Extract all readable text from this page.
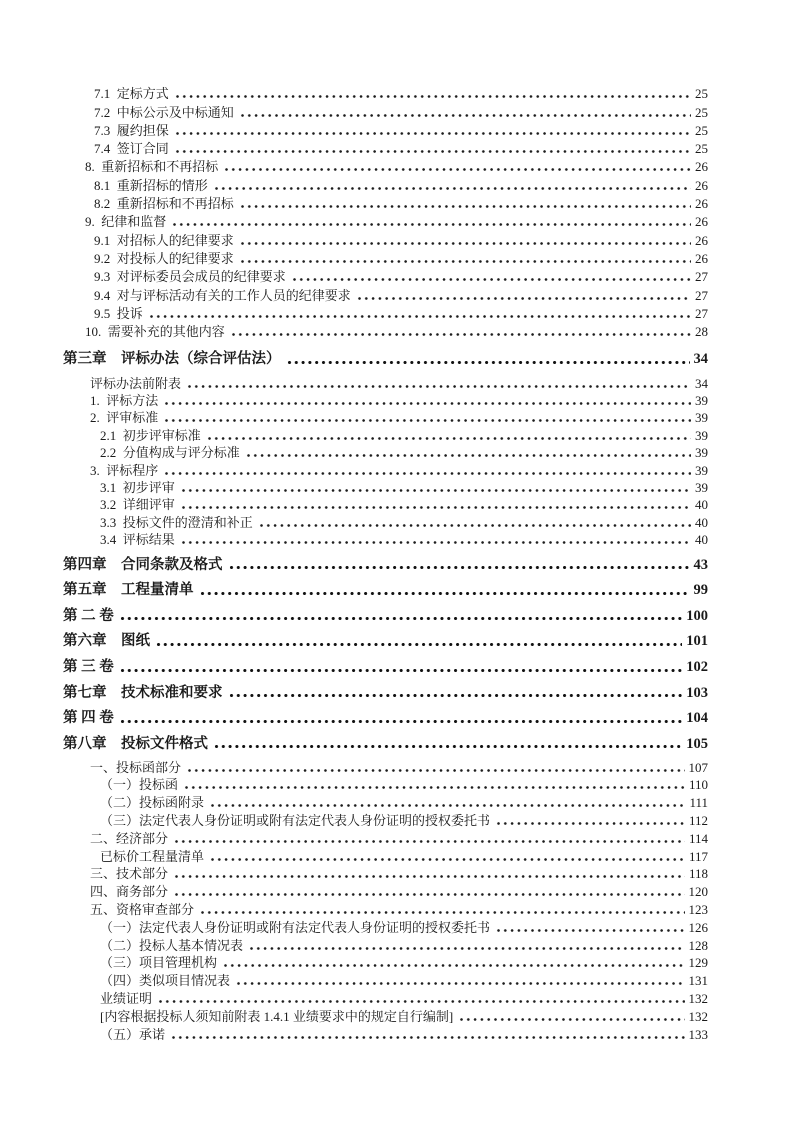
7.1  定标方式	25
7.2  中标公示及中标通知	25
7.3  履约担保	25
7.4  签订合同	25
8.  重新招标和不再招标	26
8.1  重新招标的情形	26
8.2  重新招标和不再招标	26
9.  纪律和监督	26
9.1  对招标人的纪律要求	26
9.2  对投标人的纪律要求	26
9.3  对评标委员会成员的纪律要求	27
9.4  对与评标活动有关的工作人员的纪律要求	27
9.5  投诉	27
10.  需要补充的其他内容	28
第三章　评标办法（综合评估法）	34
评标办法前附表	34
1.  评标方法	39
2.  评审标准	39
2.1  初步评审标准	39
2.2  分值构成与评分标准	39
3.  评标程序	39
3.1  初步评审	39
3.2  详细评审	40
3.3  投标文件的澄清和补正	40
3.4  评标结果	40
第四章　合同条款及格式	43
第五章　工程量清单	99
第 二 卷	100
第六章　图纸	101
第 三 卷	102
第七章　技术标准和要求	103
第 四 卷	104
第八章　投标文件格式	105
一、投标函部分	107
（一）投标函	110
（二）投标函附录	111
（三）法定代表人身份证明或附有法定代表人身份证明的授权委托书	112
二、经济部分	114
已标价工程量清单	117
三、技术部分	118
四、商务部分	120
五、资格审查部分	123
（一）法定代表人身份证明或附有法定代表人身份证明的授权委托书	126
（二）投标人基本情况表	128
（三）项目管理机构	129
（四）类似项目情况表	131
业绩证明	132
[内容根据投标人须知前附表 1.4.1 业绩要求中的规定自行编制]	132
（五）承诺	133
